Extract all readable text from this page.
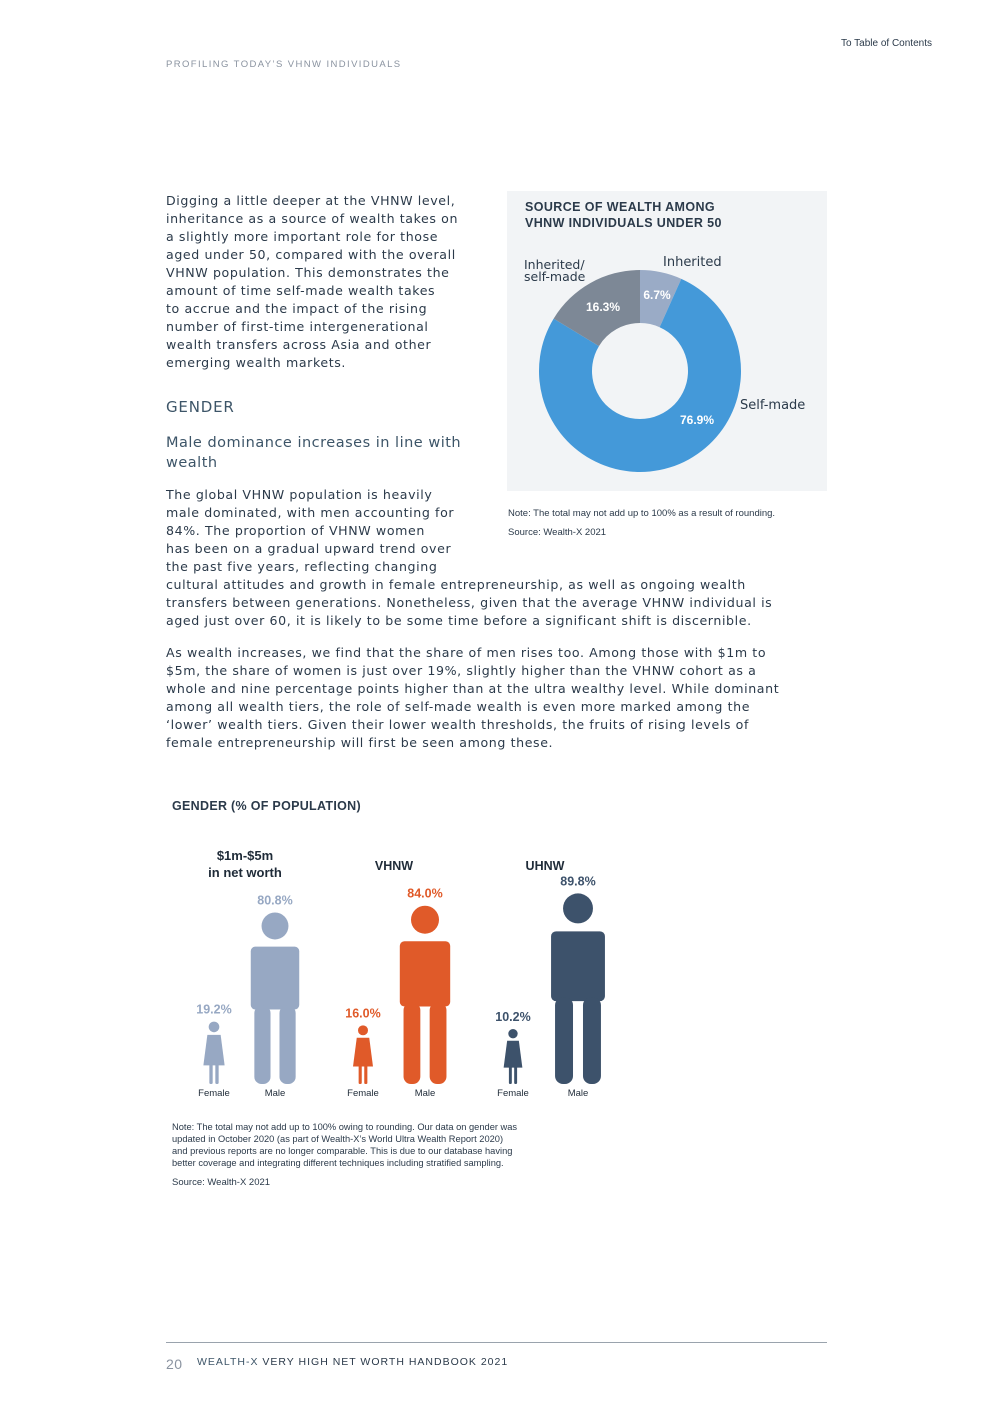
To Table of Contents
PROFILING TODAY’S VHNW INDIVIDUALS

Digging a little deeper at the VHNW level,

inheritance as a source of wealth takes on

a slightly more important role for those

aged under 50, compared with the overall

VHNW population. This demonstrates the

amount of time self-made wealth takes

to accrue and the impact of the rising

number of first-time intergenerational

wealth transfers across Asia and other

emerging wealth markets.

GENDER
Male dominance increases in line with wealth

The global VHNW population is heavily

male dominated, with men accounting for

84%. The proportion of VHNW women

has been on a gradual upward trend over

the past five years, reflecting changing

cultural attitudes and growth in female entrepreneurship, as well as ongoing wealth

transfers between generations. Nonetheless, given that the average VHNW individual is

aged just over 60, it is likely to be some time before a significant shift is discernible.

As wealth increases, we find that the share of men rises too. Among those with $1m to

$5m, the share of women is just over 19%, slightly higher than the VHNW cohort as a

whole and nine percentage points higher than at the ultra wealthy level. While dominant

among all wealth tiers, the role of self-made wealth is even more marked among the

‘lower’ wealth tiers. Given their lower wealth thresholds, the fruits of rising levels of

female entrepreneurship will first be seen among these.

SOURCE OF WEALTH AMONG
VHNW INDIVIDUALS UNDER 50
6.7%
76.9%
16.3%
Inherited
Inherited/
self-made
Self-made
Note: The total may not add up to 100% as a result of rounding.
Source: Wealth-X 2021
GENDER (% OF POPULATION)
$1m-$5m
in net worth	VHNW	UHNW
19.2%
80.8%
Female	Male
16.0%
84.0%
Female	Male
10.2%
89.8%
Female	Male
Note: The total may not add up to 100% owing to rounding. Our data on gender was
updated in October 2020 (as part of Wealth-X’s World Ultra Wealth Report 2020)
and previous reports are no longer comparable. This is due to our database having
better coverage and integrating different techniques including stratified sampling.
Source: Wealth-X 2021
20 WEALTH-X VERY HIGH NET WORTH HANDBOOK 2021
